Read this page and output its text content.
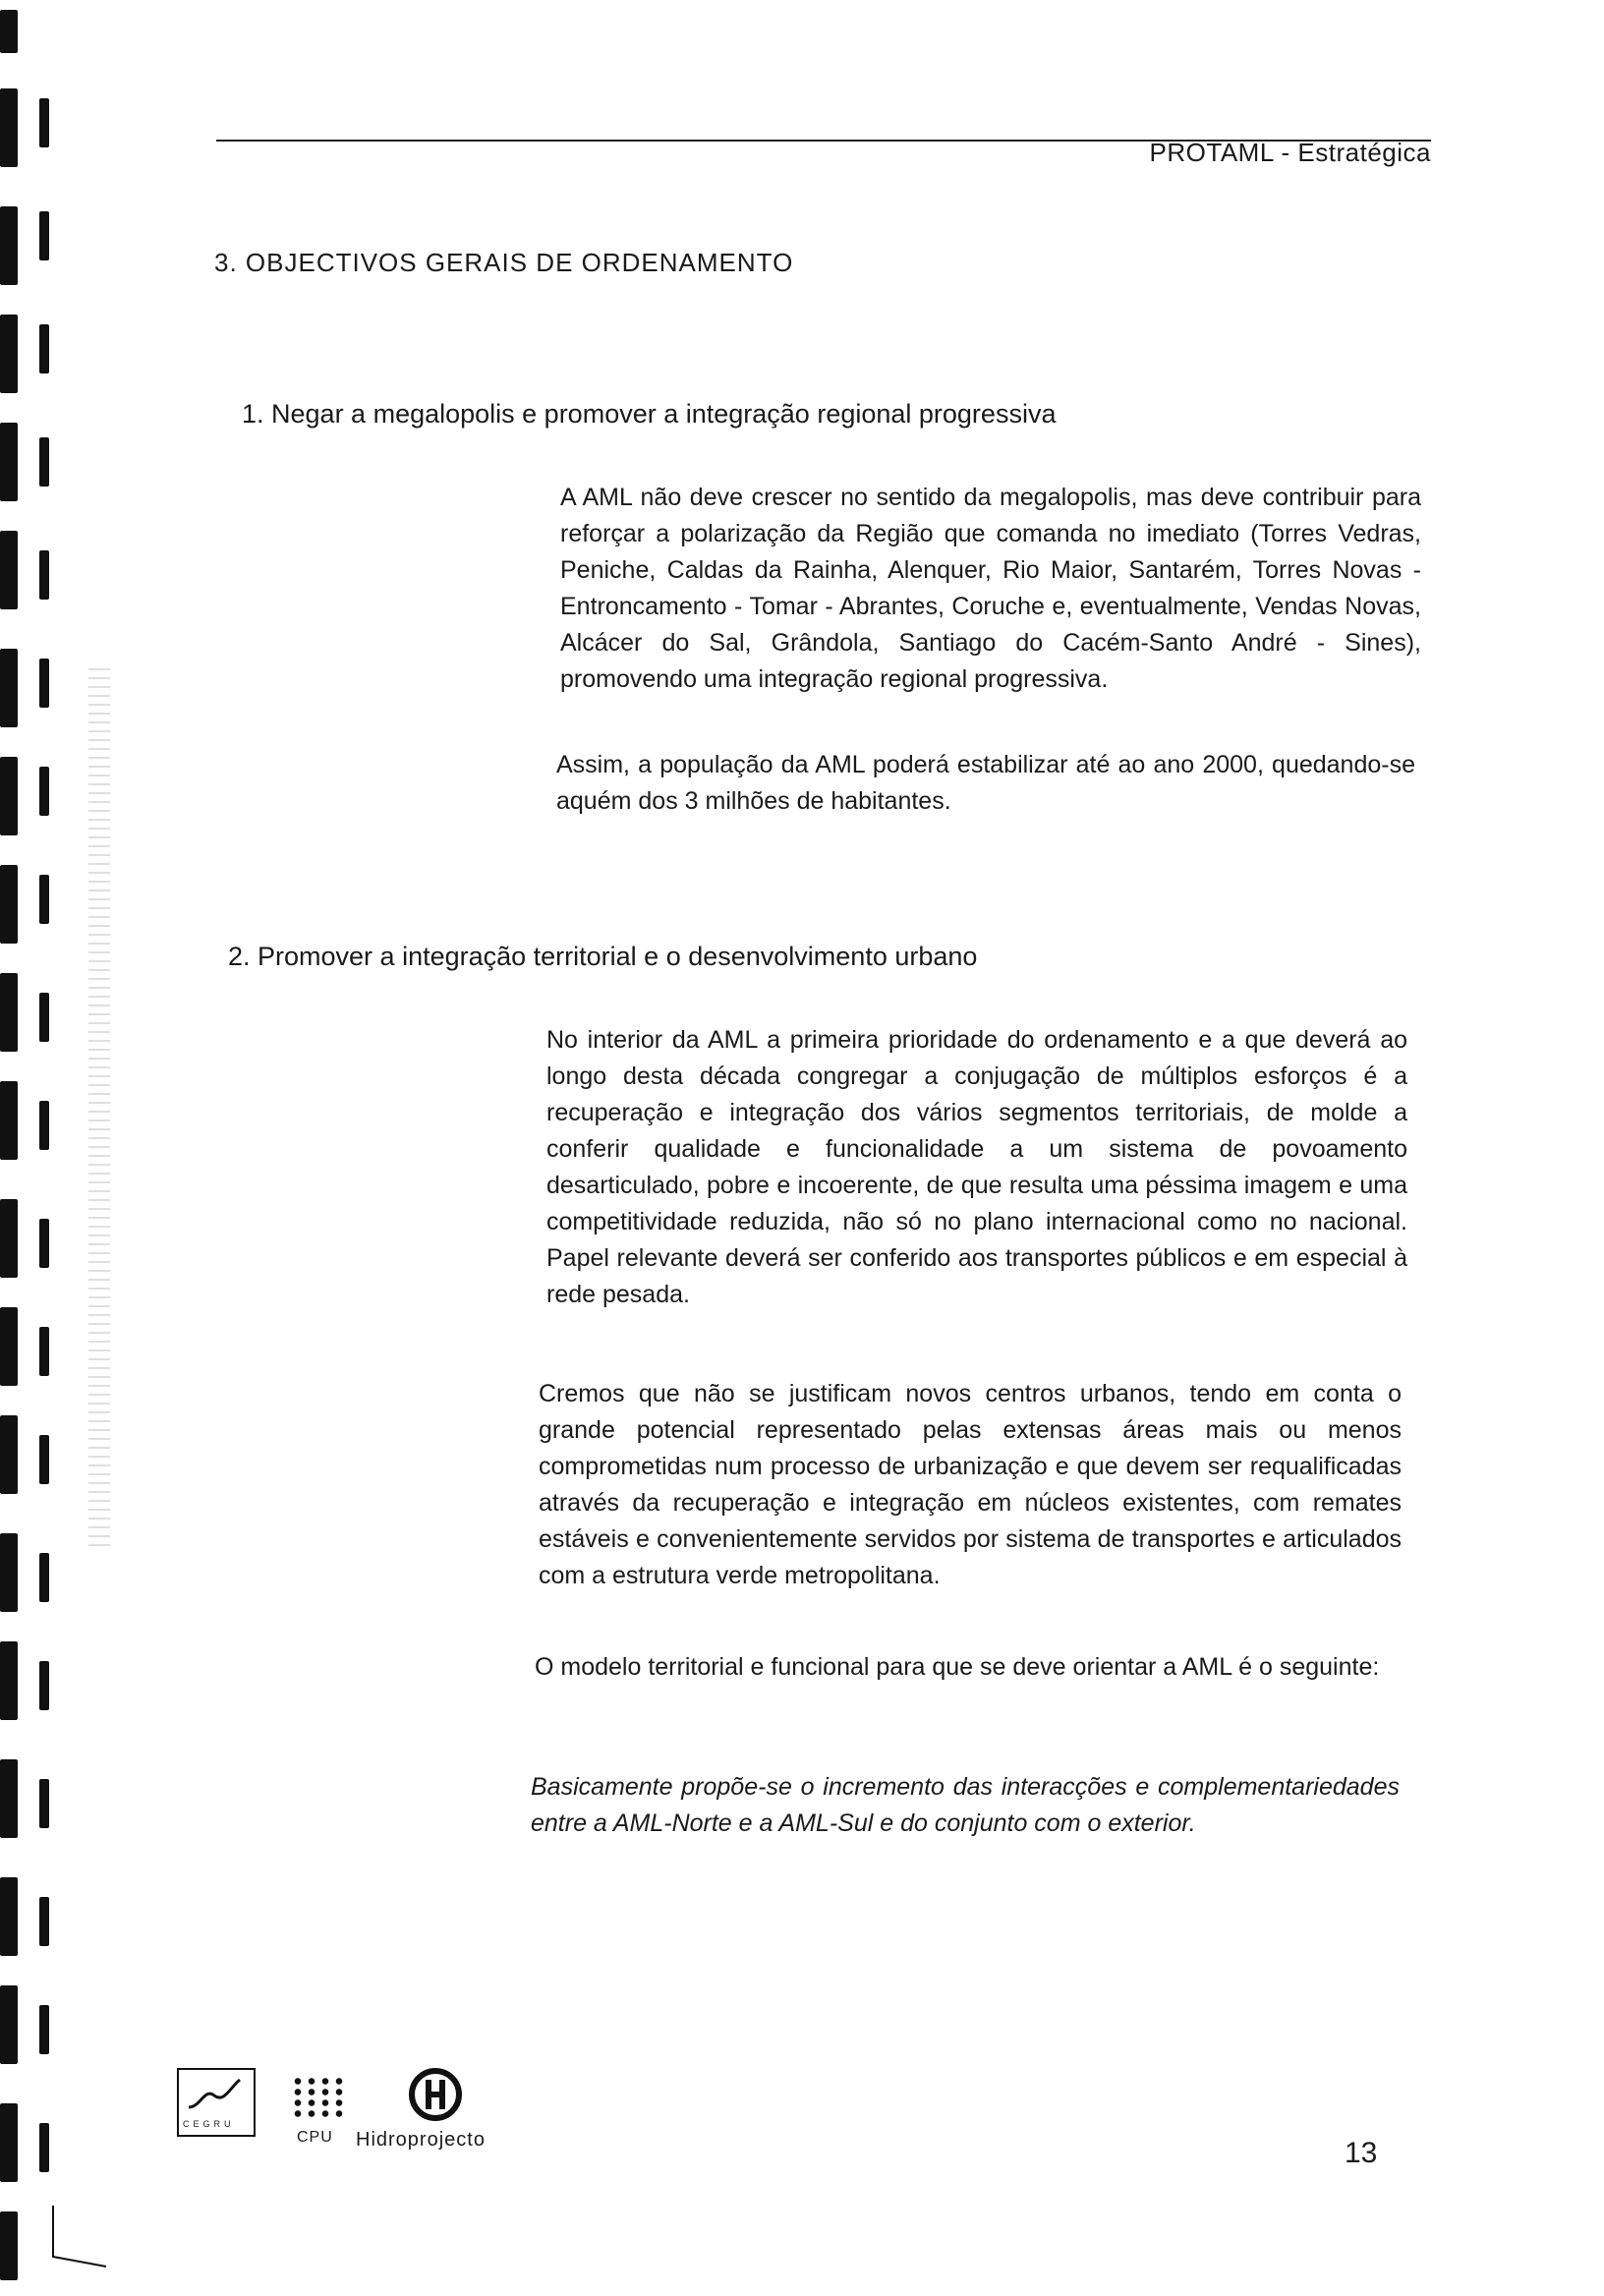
PROTAML - Estratégica
3. OBJECTIVOS GERAIS DE ORDENAMENTO
1. Negar a megalopolis e promover a integração regional progressiva

A AML não deve crescer no sentido da megalopolis, mas deve contribuir para reforçar a polarização da Região que comanda no imediato (Torres Vedras, Peniche, Caldas da Rainha, Alenquer, Rio Maior, Santarém, Torres Novas - Entroncamento - Tomar - Abrantes, Coruche e, eventualmente, Vendas Novas, Alcácer do Sal, Grândola, Santiago do Cacém-Santo André - Sines), promovendo uma integração regional progressiva.

Assim, a população da AML poderá estabilizar até ao ano 2000, quedando-se aquém dos 3 milhões de habitantes.

2. Promover a integração territorial e o desenvolvimento urbano

No interior da AML a primeira prioridade do ordenamento e a que deverá ao longo desta década congregar a conjugação de múltiplos esforços é a recuperação e integração dos vários segmentos territoriais, de molde a conferir qualidade e funcionalidade a um sistema de povoamento desarticulado, pobre e incoerente, de que resulta uma péssima imagem e uma competitividade reduzida, não só no plano internacional como no nacional. Papel relevante deverá ser conferido aos transportes públicos e em especial à rede pesada.

Cremos que não se justificam novos centros urbanos, tendo em conta o grande potencial representado pelas extensas áreas mais ou menos comprometidas num processo de urbanização e que devem ser requalificadas através da recuperação e integração em núcleos existentes, com remates estáveis e convenientemente servidos por sistema de transportes e articulados com a estrutura verde metropolitana.

O modelo territorial e funcional para que se deve orientar a AML é o seguinte:

Basicamente propõe-se o incremento das interacções e complementariedades entre a AML-Norte e a AML-Sul e do conjunto com o exterior.

CEGRU
CPU Hidroprojecto	13
